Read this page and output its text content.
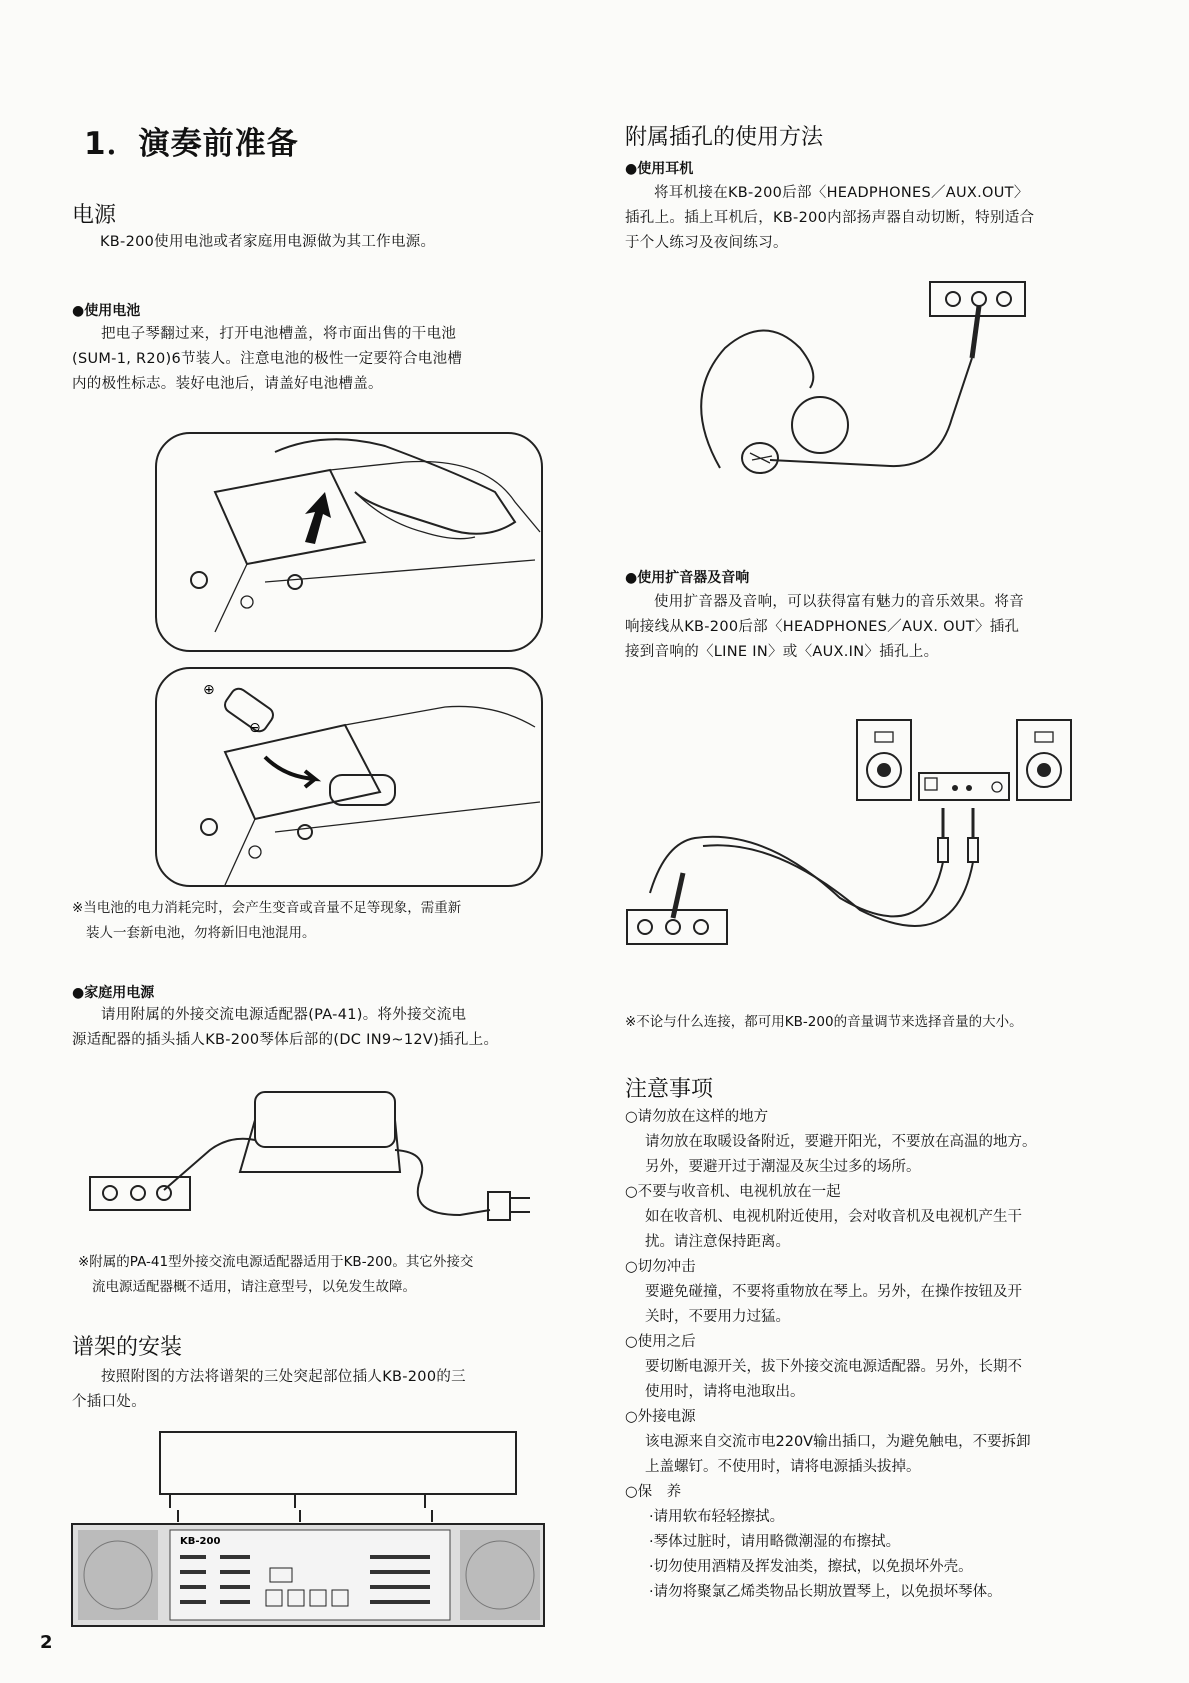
1．演奏前准备
电源

KB-200使用电池或者家庭用电源做为其工作电源。

●使用电池

把电子琴翻过来，打开电池槽盖，将市面出售的干电池

(SUM-1, R20)6节装人。注意电池的极性一定要符合电池槽

内的极性标志。装好电池后，请盖好电池槽盖。

※当电池的电力消耗完时，会产生变音或音量不足等现象，需重新
装人一套新电池，勿将新旧电池混用。
●家庭用电源

请用附属的外接交流电源适配器(PA-41)。将外接交流电

源适配器的插头插人KB-200琴体后部的(DC IN9~12V)插孔上。

※附属的PA-41型外接交流电源适配器适用于KB-200。其它外接交
流电源适配器概不适用，请注意型号，以免发生故障。
谱架的安装

按照附图的方法将谱架的三处突起部位插人KB-200的三

个插口处。

⊕
⊖
KB-200
附属插孔的使用方法
●使用耳机

将耳机接在KB-200后部〈HEADPHONES／AUX.OUT〉

插孔上。插上耳机后，KB-200内部扬声器自动切断，特别适合

于个人练习及夜间练习。

●使用扩音器及音响

使用扩音器及音响，可以获得富有魅力的音乐效果。将音

响接线从KB-200后部〈HEADPHONES／AUX. OUT〉插孔

接到音响的〈LINE IN〉或〈AUX.IN〉插孔上。

※不论与什么连接，都可用KB-200的音量调节来选择音量的大小。
注意事项
○请勿放在这样的地方
请勿放在取暖设备附近，要避开阳光，不要放在高温的地方。
另外，要避开过于潮湿及灰尘过多的场所。
○不要与收音机、电视机放在一起
如在收音机、电视机附近使用，会对收音机及电视机产生干
扰。请注意保持距离。
○切勿冲击
要避免碰撞，不要将重物放在琴上。另外，在操作按钮及开
关时，不要用力过猛。
○使用之后
要切断电源开关，拔下外接交流电源适配器。另外，长期不
使用时，请将电池取出。
○外接电源
该电源来自交流市电220V输出插口，为避免触电，不要拆卸
上盖螺钉。不使用时，请将电源插头拔掉。
○保　养
·请用软布轻轻擦拭。
·琴体过脏时，请用略微潮湿的布擦拭。
·切勿使用酒精及挥发油类，擦拭，以免损坏外壳。
·请勿将聚氯乙烯类物品长期放置琴上，以免损坏琴体。
2
